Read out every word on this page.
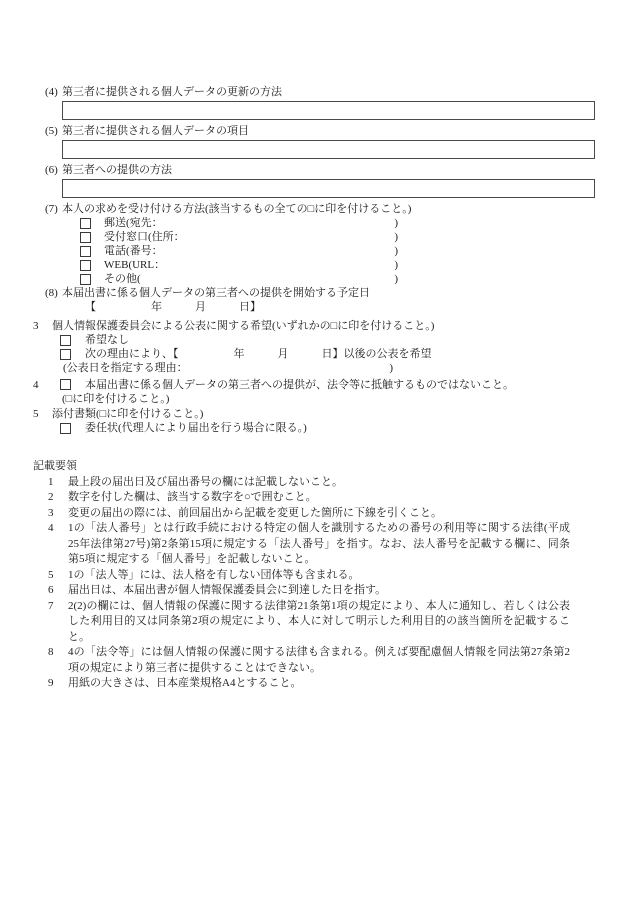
(4) 第三者に提供される個人データの更新の方法
(5) 第三者に提供される個人データの項目
(6) 第三者への提供の方法
(7) 本人の求めを受け付ける方法(該当するもの全ての□に印を付けること。)
郵送(宛先：	)
受付窓口(住所：	)
電話(番号：	)
WEB(URL：	)
その他(	)
(8) 本届出書に係る個人データの第三者への提供を開始する予定日
【　　　　　年　　　月　　　日】
3 個人情報保護委員会による公表に関する希望(いずれかの□に印を付けること。)
希望なし
次の理由により、【　　　　　年　　　月　　　日】以後の公表を希望
(公表日を指定する理由：	)
4	本届出書に係る個人データの第三者への提供が、法令等に抵触するものではないこと。
(□に印を付けること。)
5 添付書類(□に印を付けること。)
委任状(代理人により届出を行う場合に限る。)
記載要領
1	最上段の届出日及び届出番号の欄には記載しないこと。
2	数字を付した欄は、該当する数字を○で囲むこと。
3	変更の届出の際には、前回届出から記載を変更した箇所に下線を引くこと。
4	1の「法人番号」とは行政手続における特定の個人を識別するための番号の利用等に関する法律(平成25年法律第27号)第2条第15項に規定する「法人番号」を指す。なお、法人番号を記載する欄に、同条第5項に規定する「個人番号」を記載しないこと。
5	1の「法人等」には、法人格を有しない団体等も含まれる。
6	届出日は、本届出書が個人情報保護委員会に到達した日を指す。
7	2(2)の欄には、個人情報の保護に関する法律第21条第1項の規定により、本人に通知し、若しくは公表した利用目的又は同条第2項の規定により、本人に対して明示した利用目的の該当箇所を記載すること。
8	4の「法令等」には個人情報の保護に関する法律も含まれる。例えば要配慮個人情報を同法第27条第2項の規定により第三者に提供することはできない。
9	用紙の大きさは、日本産業規格A4とすること。
